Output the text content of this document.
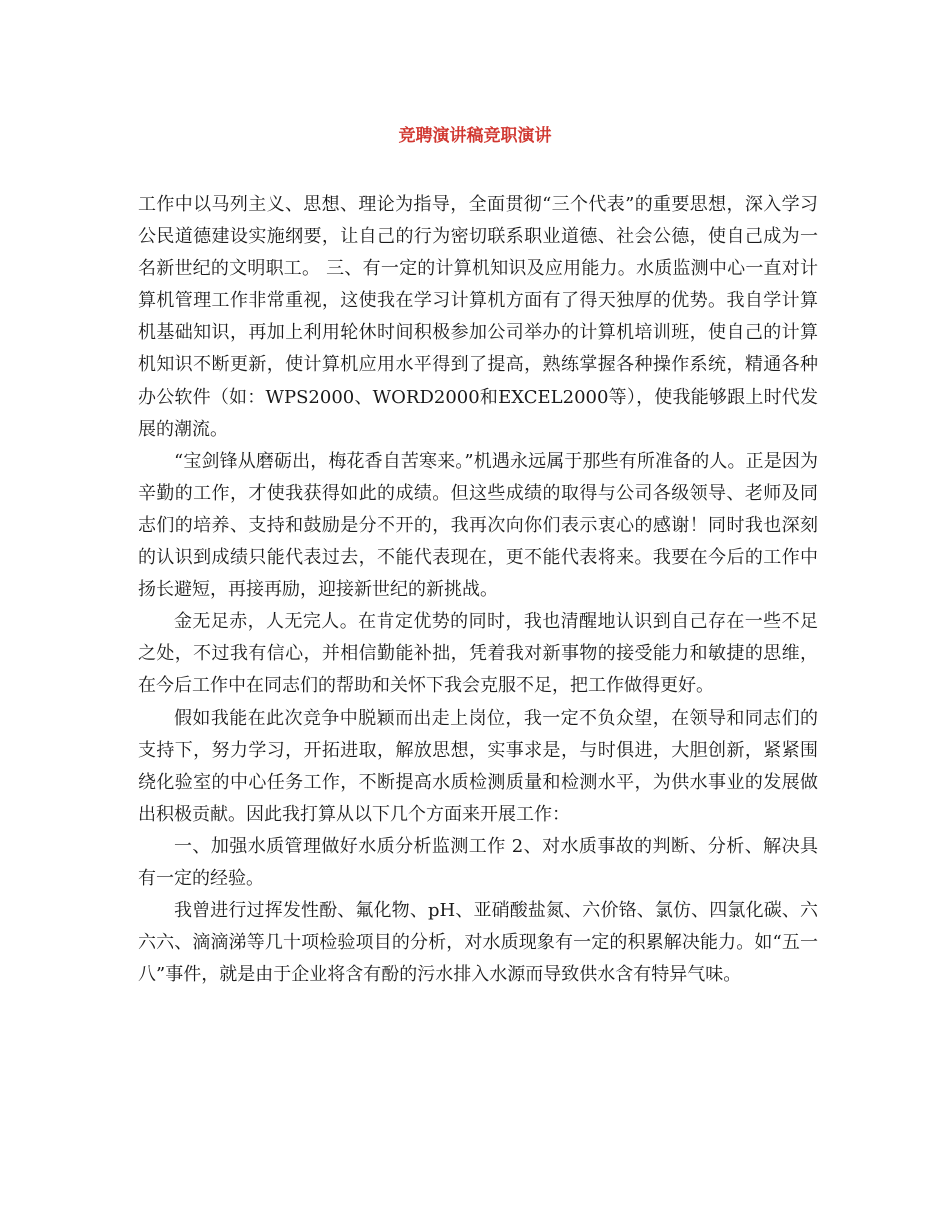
竞聘演讲稿竞职演讲

工作中以马列主义、思想、理论为指导，全面贯彻“三个代表”的重要思想，深入学习公民道德建设实施纲要，让自己的行为密切联系职业道德、社会公德，使自己成为一名新世纪的文明职工。 三、有一定的计算机知识及应用能力。水质监测中心一直对计算机管理工作非常重视，这使我在学习计算机方面有了得天独厚的优势。我自学计算机基础知识，再加上利用轮休时间积极参加公司举办的计算机培训班，使自己的计算机知识不断更新，使计算机应用水平得到了提高，熟练掌握各种操作系统，精通各种办公软件（如：WPS2000、WORD2000和EXCEL2000等），使我能够跟上时代发展的潮流。

“宝剑锋从磨砺出，梅花香自苦寒来。”机遇永远属于那些有所准备的人。正是因为辛勤的工作，才使我获得如此的成绩。但这些成绩的取得与公司各级领导、老师及同志们的培养、支持和鼓励是分不开的，我再次向你们表示衷心的感谢！同时我也深刻的认识到成绩只能代表过去，不能代表现在，更不能代表将来。我要在今后的工作中扬长避短，再接再励，迎接新世纪的新挑战。

金无足赤，人无完人。在肯定优势的同时，我也清醒地认识到自己存在一些不足之处，不过我有信心，并相信勤能补拙，凭着我对新事物的接受能力和敏捷的思维，在今后工作中在同志们的帮助和关怀下我会克服不足，把工作做得更好。

假如我能在此次竞争中脱颖而出走上岗位，我一定不负众望，在领导和同志们的支持下，努力学习，开拓进取，解放思想，实事求是，与时俱进，大胆创新，紧紧围绕化验室的中心任务工作，不断提高水质检测质量和检测水平，为供水事业的发展做出积极贡献。因此我打算从以下几个方面来开展工作：

一、加强水质管理做好水质分析监测工作 2、对水质事故的判断、分析、解决具有一定的经验。

我曾进行过挥发性酚、氟化物、pH、亚硝酸盐氮、六价铬、氯仿、四氯化碳、六六六、滴滴涕等几十项检验项目的分析，对水质现象有一定的积累解决能力。如“五一八”事件，就是由于企业将含有酚的污水排入水源而导致供水含有特异气味。
